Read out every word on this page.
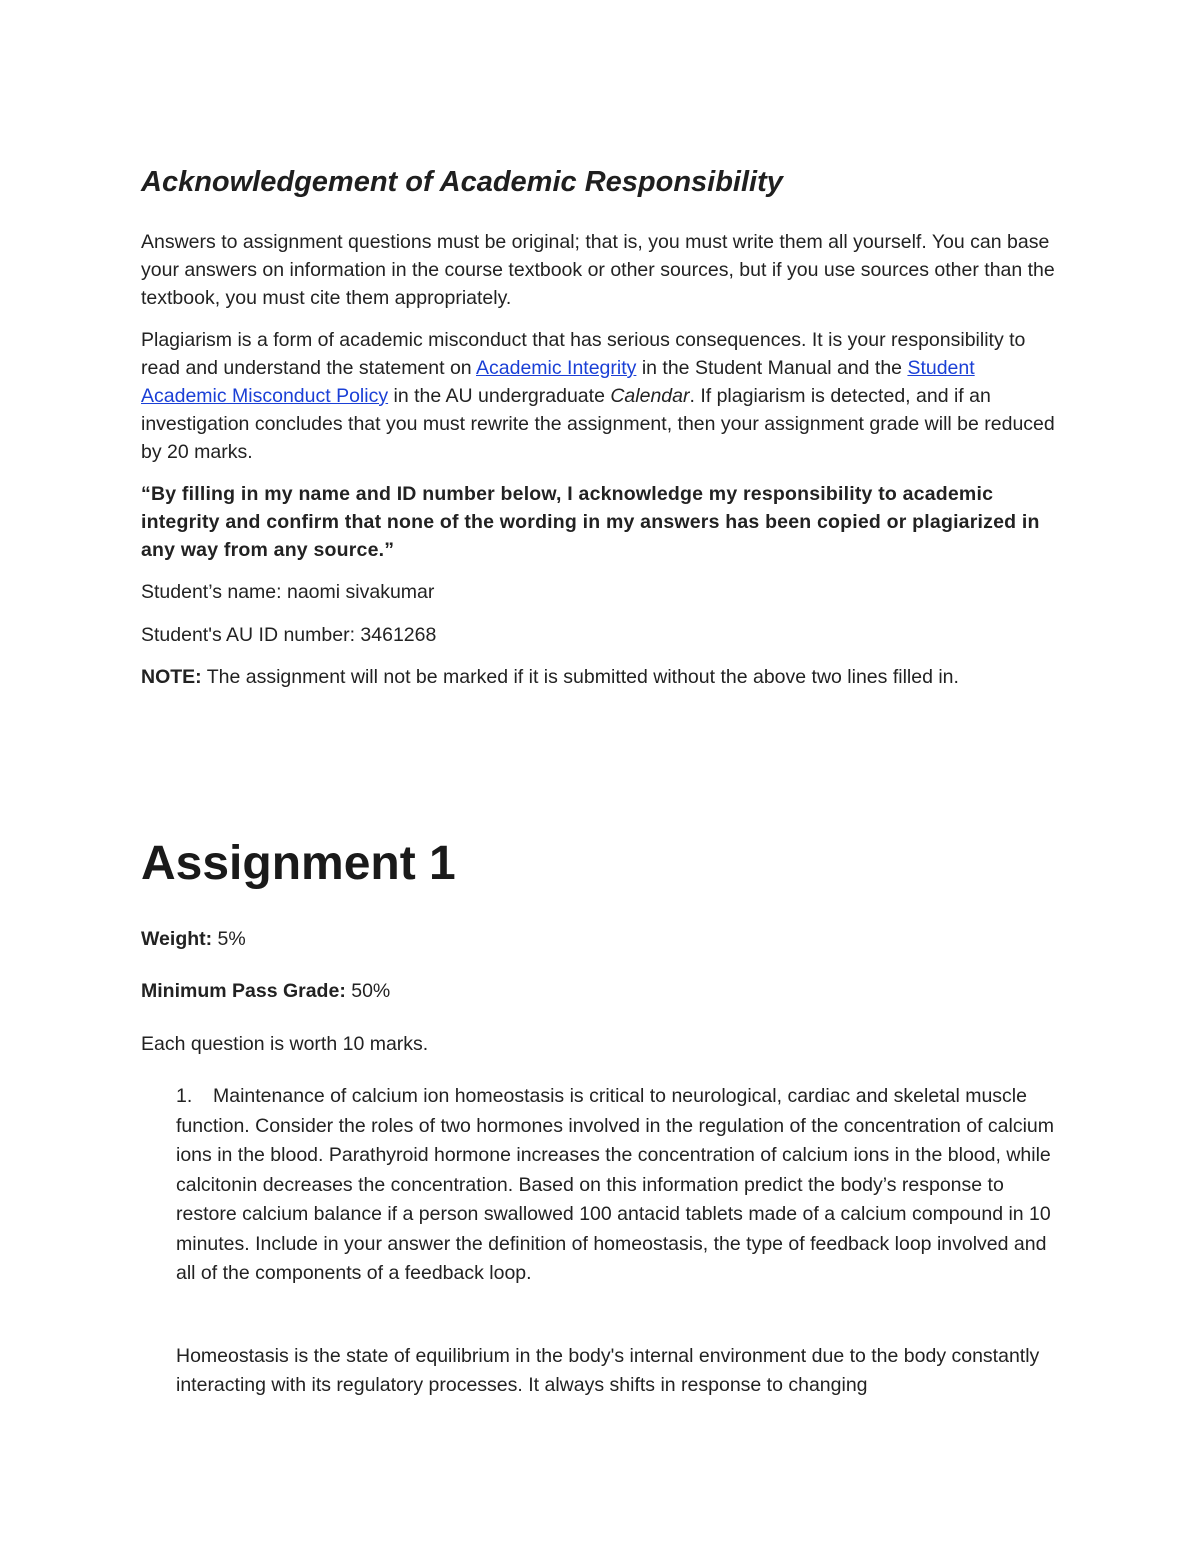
Acknowledgement of Academic Responsibility

Answers to assignment questions must be original; that is, you must write them all yourself. You can base your answers on information in the course textbook or other sources, but if you use sources other than the textbook, you must cite them appropriately.

Plagiarism is a form of academic misconduct that has serious consequences. It is your responsibility to read and understand the statement on Academic Integrity in the Student Manual and the Student Academic Misconduct Policy in the AU undergraduate Calendar. If plagiarism is detected, and if an investigation concludes that you must rewrite the assignment, then your assignment grade will be reduced by 20 marks.

“By filling in my name and ID number below, I acknowledge my responsibility to academic integrity and confirm that none of the wording in my answers has been copied or plagiarized in any way from any source.”

Student’s name: naomi sivakumar

Student's AU ID number: 3461268

NOTE: The assignment will not be marked if it is submitted without the above two lines filled in.

Assignment 1

Weight: 5%

Minimum Pass Grade: 50%

Each question is worth 10 marks.

1.	Maintenance of calcium ion homeostasis is critical to neurological, cardiac and skeletal muscle function. Consider the roles of two hormones involved in the regulation of the concentration of calcium ions in the blood. Parathyroid hormone increases the concentration of calcium ions in the blood, while calcitonin decreases the concentration. Based on this information predict the body’s response to restore calcium balance if a person swallowed 100 antacid tablets made of a calcium compound in 10 minutes. Include in your answer the definition of homeostasis, the type of feedback loop involved and all of the components of a feedback loop.

Homeostasis is the state of equilibrium in the body's internal environment due to the body constantly interacting with its regulatory processes. It always shifts in response to changing
